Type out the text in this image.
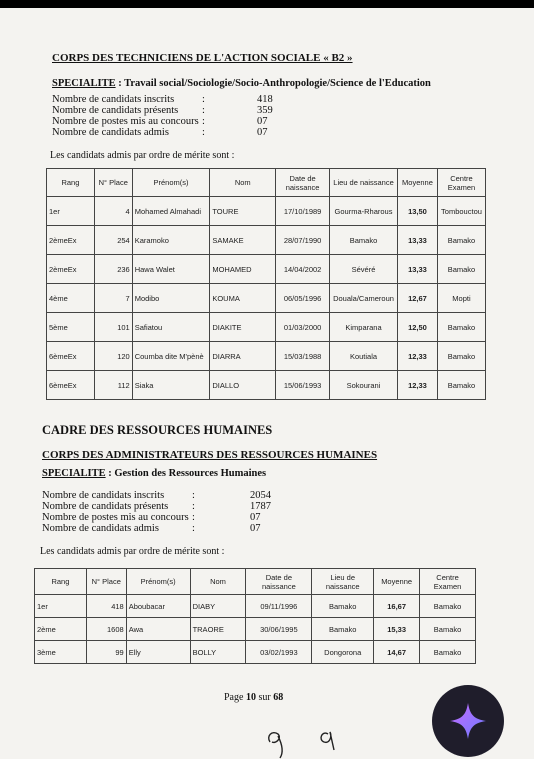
CORPS DES TECHNICIENS DE L'ACTION SOCIALE « B2 »
SPECIALITE : Travail social/Sociologie/Socio-Anthropologie/Science de l'Education
Nombre de candidats inscrits	:	418
Nombre de candidats présents :	359
Nombre de postes mis au concours :	07
Nombre de candidats admis	:	07
Les candidats admis par ordre de mérite sont :
Rang	N° Place	Prénom(s)	Nom	Date de naissance	Lieu de naissance	Moyenne	Centre Examen
1er	4	Mohamed Almahadi	TOURE	17/10/1989	Gourma-Rharous	13,50	Tombouctou
2èmeEx	254	Karamoko	SAMAKE	28/07/1990	Bamako	13,33	Bamako
2èmeEx	236	Hawa Walet	MOHAMED	14/04/2002	Sévéré	13,33	Bamako
4ème	7	Modibo	KOUMA	06/05/1996	Douala/Cameroun	12,67	Mopti
5ème	101	Safiatou	DIAKITE	01/03/2000	Kimparana	12,50	Bamako
6èmeEx	120	Coumba dite M'pènè	DIARRA	15/03/1988	Koutiala	12,33	Bamako
6èmeEx	112	Siaka	DIALLO	15/06/1993	Sokourani	12,33	Bamako
CADRE DES RESSOURCES HUMAINES
CORPS DES ADMINISTRATEURS DES RESSOURCES HUMAINES
SPECIALITE : Gestion des Ressources Humaines
Nombre de candidats inscrits	:	2054
Nombre de candidats présents :	1787
Nombre de postes mis au concours :	07
Nombre de candidats admis	:	07
Les candidats admis par ordre de mérite sont :
Rang	N° Place	Prénom(s)	Nom	Date de naissance	Lieu de naissance	Moyenne	Centre Examen
1er	418	Aboubacar	DIABY	09/11/1996	Bamako	16,67	Bamako
2ème	1608	Awa	TRAORE	30/06/1995	Bamako	15,33	Bamako
3ème	99	Elly	BOLLY	03/02/1993	Dongorona	14,67	Bamako
Page 10 sur 68
